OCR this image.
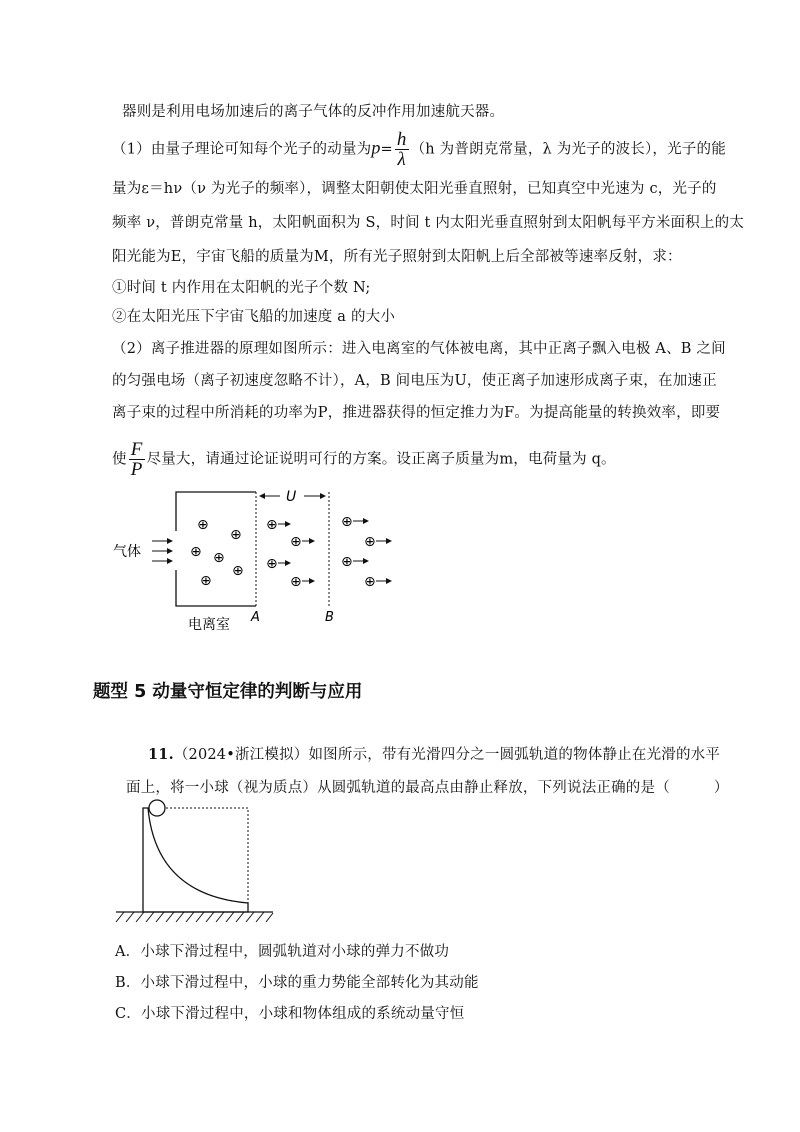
器则是利用电场加速后的离子气体的反冲作用加速航天器。
（1）由量子理论可知每个光子的动量为$p= \frac{h}{\lambda} (h$ 为普朗克常量，λ 为光子的波长），光子的能
量为ε＝hν（ν 为光子的频率），调整太阳朝使太阳光垂直照射，已知真空中光速为 c，光子的
频率 ν，普朗克常量 h，太阳帆面积为 S，时间 t 内太阳光垂直照射到太阳帆每平方米面积上的太
阳光能为E，宇宙飞船的质量为M，所有光子照射到太阳帆上后全部被等速率反射，求：
①时间 t 内作用在太阳帆的光子个数 N;
②在太阳光压下宇宙飞船的加速度 a 的大小
（2）离子推进器的原理如图所示：进入电离室的气体被电离，其中正离子飘入电极 A、B 之间
的匀强电场（离子初速度忽略不计），A，B 间电压为U，使正离子加速形成离子束，在加速正
离子束的过程中所消耗的功率为P，推进器获得的恒定推力为F。为提高能量的转换效率，即要
使 $\frac{F}{P}$ 尽量大，请通过论证说明可行的方案。设正离子质量为m，电荷量为 q。
U
气体
电离室 A	B
⊕
⊕
⊕ ⊕
⊕
⊕
⊕
⊕
⊕
⊕
⊕
⊕
⊕
⊕
题型 5 动量守恒定律的判断与应用
11.（2024•浙江模拟）如图所示，带有光滑四分之一圆弧轨道的物体静止在光滑的水平
面上，将一小球（视为质点）从圆弧轨道的最高点由静止释放，下列说法正确的是（	）
A．小球下滑过程中，圆弧轨道对小球的弹力不做功
B．小球下滑过程中，小球的重力势能全部转化为其动能
C．小球下滑过程中，小球和物体组成的系统动量守恒
